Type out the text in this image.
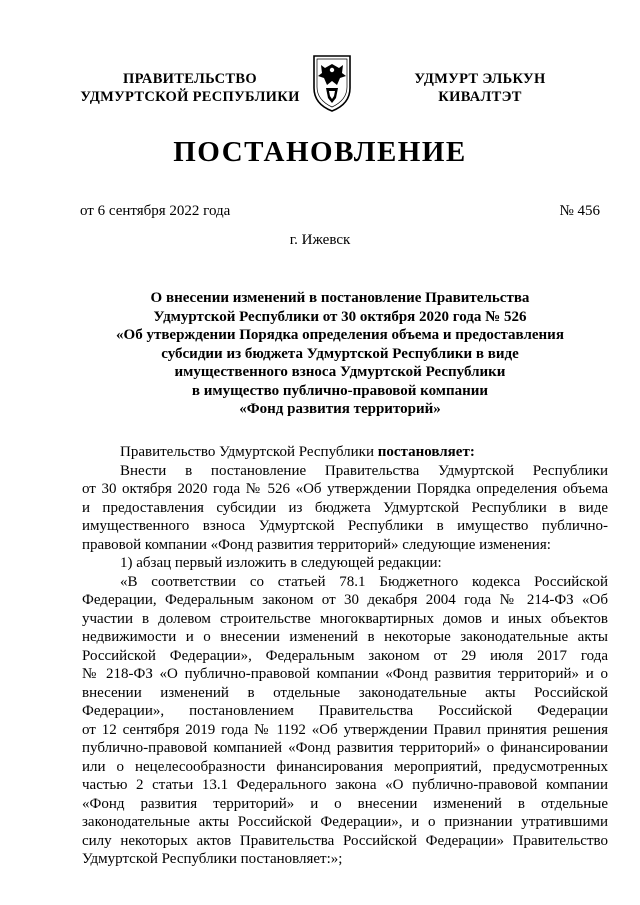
ПРАВИТЕЛЬСТВО
УДМУРТСКОЙ РЕСПУБЛИКИ
УДМУРТ ЭЛЬКУН
КИВАЛТЭТ
ПОСТАНОВЛЕНИЕ
от 6 сентября 2022 года	№ 456
г. Ижевск
О внесении изменений в постановление Правительства
Удмуртской Республики от 30 октября 2020 года № 526
«Об утверждении Порядка определения объема и предоставления
субсидии из бюджета Удмуртской Республики в виде
имущественного взноса Удмуртской Республики
в имущество публично-правовой компании
«Фонд развития территорий»
Правительство Удмуртской Республики постановляет:
Внести в постановление Правительства Удмуртской Республики
от 30 октября 2020 года № 526 «Об утверждении Порядка определения объема
и предоставления субсидии из бюджета Удмуртской Республики в виде
имущественного взноса Удмуртской Республики в имущество публично-
правовой компании «Фонд развития территорий» следующие изменения:
1) абзац первый изложить в следующей редакции:
«В соответствии со статьей 78.1 Бюджетного кодекса Российской
Федерации, Федеральным законом от 30 декабря 2004 года № 214-ФЗ «Об
участии в долевом строительстве многоквартирных домов и иных объектов
недвижимости и о внесении изменений в некоторые законодательные акты
Российской Федерации», Федеральным законом от 29 июля 2017 года
№ 218-ФЗ «О публично-правовой компании «Фонд развития территорий» и о
внесении изменений в отдельные законодательные акты Российской
Федерации», постановлением Правительства Российской Федерации
от 12 сентября 2019 года № 1192 «Об утверждении Правил принятия решения
публично-правовой компанией «Фонд развития территорий» о финансировании
или о нецелесообразности финансирования мероприятий, предусмотренных
частью 2 статьи 13.1 Федерального закона «О публично-правовой компании
«Фонд развития территорий» и о внесении изменений в отдельные
законодательные акты Российской Федерации», и о признании утратившими
силу некоторых актов Правительства Российской Федерации» Правительство
Удмуртской Республики постановляет:»;
